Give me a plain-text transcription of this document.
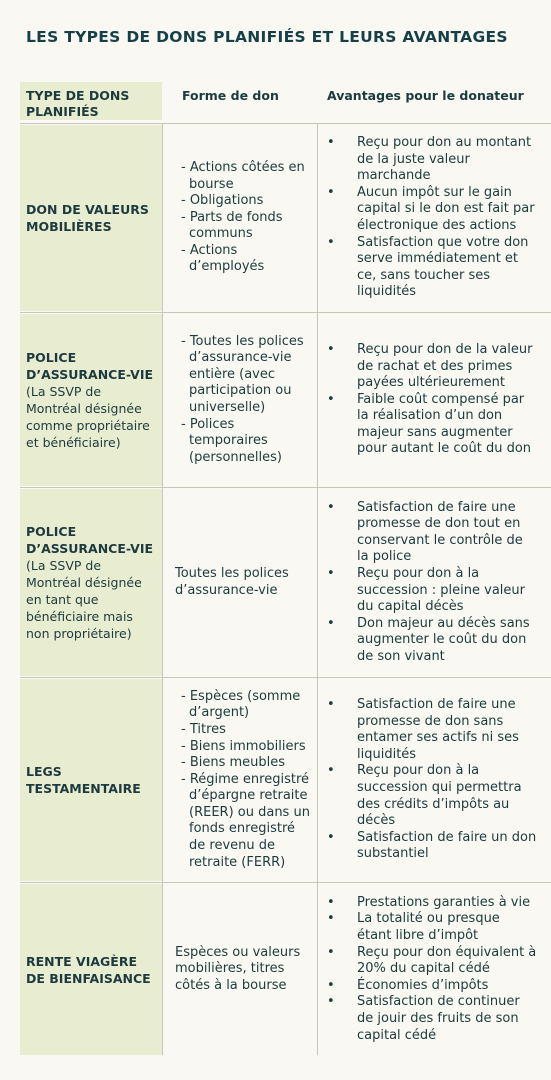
LES TYPES DE DONS PLANIFIÉS ET LEURS AVANTAGES
TYPE DE DONS PLANIFIÉS
Forme de don	Avantages pour le donateur
DON DE VALEURS MOBILIÈRES
- Actions côtées en bourse
- Obligations
- Parts de fonds communs
- Actions d’employés
• Reçu pour don au montant de la juste valeur marchande
• Aucun impôt sur le gain capital si le don est fait par électronique des actions
• Satisfaction que votre don serve immédiatement et ce, sans toucher ses liquidités
POLICE D’ASSURANCE-VIE (La SSVP de Montréal désignée comme propriétaire et bénéficiaire)
- Toutes les polices d’assurance-vie entière (avec participation ou universelle)
- Polices temporaires (personnelles)
• Reçu pour don de la valeur de rachat et des primes payées ultérieurement
• Faible coût compensé par la réalisation d’un don majeur sans augmenter pour autant le coût du don
POLICE D’ASSURANCE-VIE
(La SSVP de Montréal désignée en tant que bénéficiaire mais non propriétaire)
Toutes les polices d’assurance-vie
• Satisfaction de faire une promesse de don tout en conservant le contrôle de la police
• Reçu pour don à la succession : pleine valeur du capital décès
• Don majeur au décès sans augmenter le coût du don de son vivant
LEGS TESTAMENTAIRE
- Espèces (somme d’argent)
- Titres
- Biens immobiliers
- Biens meubles
- Régime enregistré d’épargne retraite (REER) ou dans un fonds enregistré de revenu de retraite (FERR)
• Satisfaction de faire une promesse de don sans entamer ses actifs ni ses liquidités
• Reçu pour don à la succession qui permettra des crédits d’impôts au décès
• Satisfaction de faire un don substantiel
RENTE VIAGÈRE DE BIENFAISANCE
Espèces ou valeurs mobilières, titres côtés à la bourse
• Prestations garanties à vie
• La totalité ou presque étant libre d’impôt
• Reçu pour don équivalent à 20% du capital cédé
• Économies d’impôts
• Satisfaction de continuer de jouir des fruits de son capital cédé
